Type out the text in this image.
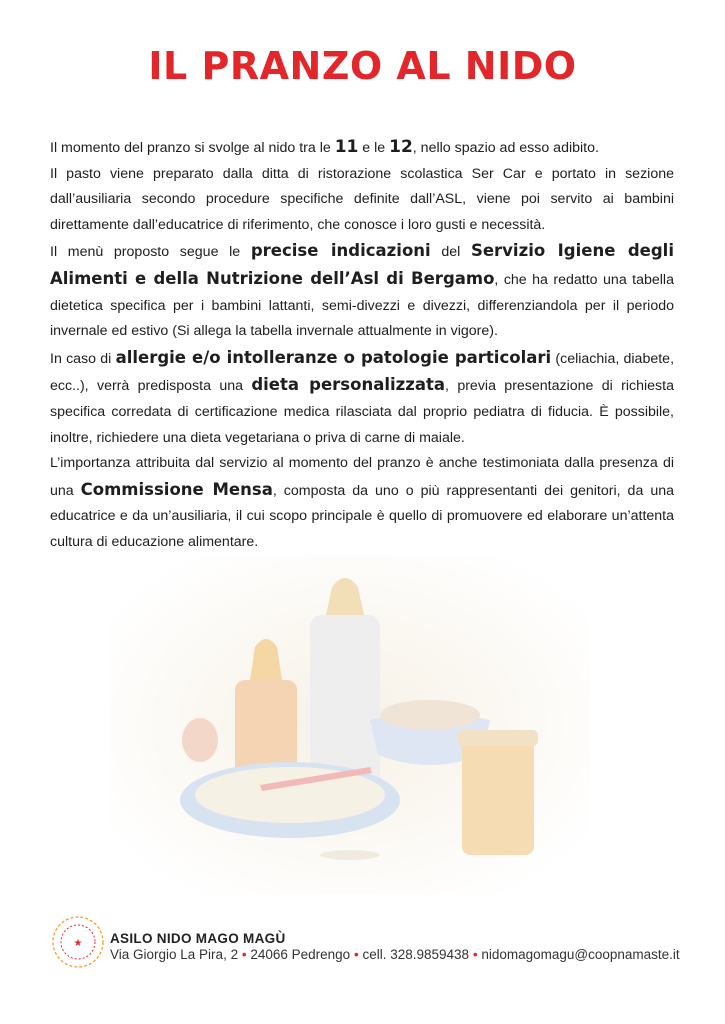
IL PRANZO AL NIDO

Il momento del pranzo si svolge al nido tra le 11 e le 12, nello spazio ad esso adibito.

Il pasto viene preparato dalla ditta di ristorazione scolastica Ser Car e portato in sezione dall’ausiliaria secondo procedure specifiche definite dall’ASL, viene poi servito ai bambini direttamente dall’educatrice di riferimento, che conosce i loro gusti e necessità.

Il menù proposto segue le precise indicazioni del Servizio Igiene degli Alimenti e della Nutrizione dell’Asl di Bergamo, che ha redatto una tabella dietetica specifica per i bambini lattanti, semi-divezzi e divezzi, differenziandola per il periodo invernale ed estivo (Si allega la tabella invernale attualmente in vigore).

In caso di allergie e/o intolleranze o patologie particolari (celiachia, diabete, ecc..), verrà predisposta una dieta personalizzata, previa presentazione di richiesta specifica corredata di certificazione medica rilasciata dal proprio pediatra di fiducia. È possibile, inoltre, richiedere una dieta vegetariana o priva di carne di maiale.

L’importanza attribuita dal servizio al momento del pranzo è anche testimoniata dalla presenza di una Commissione Mensa, composta da uno o più rappresentanti dei genitori, da una educatrice e da un’ausiliaria, il cui scopo principale è quello di promuovere ed elaborare un’attenta cultura di educazione alimentare.

★ ASILO NIDO MAGO MAGÙ
Via Giorgio La Pira, 2 • 24066 Pedrengo • cell. 328.9859438 • nidomagomagu@coopnamaste.it
